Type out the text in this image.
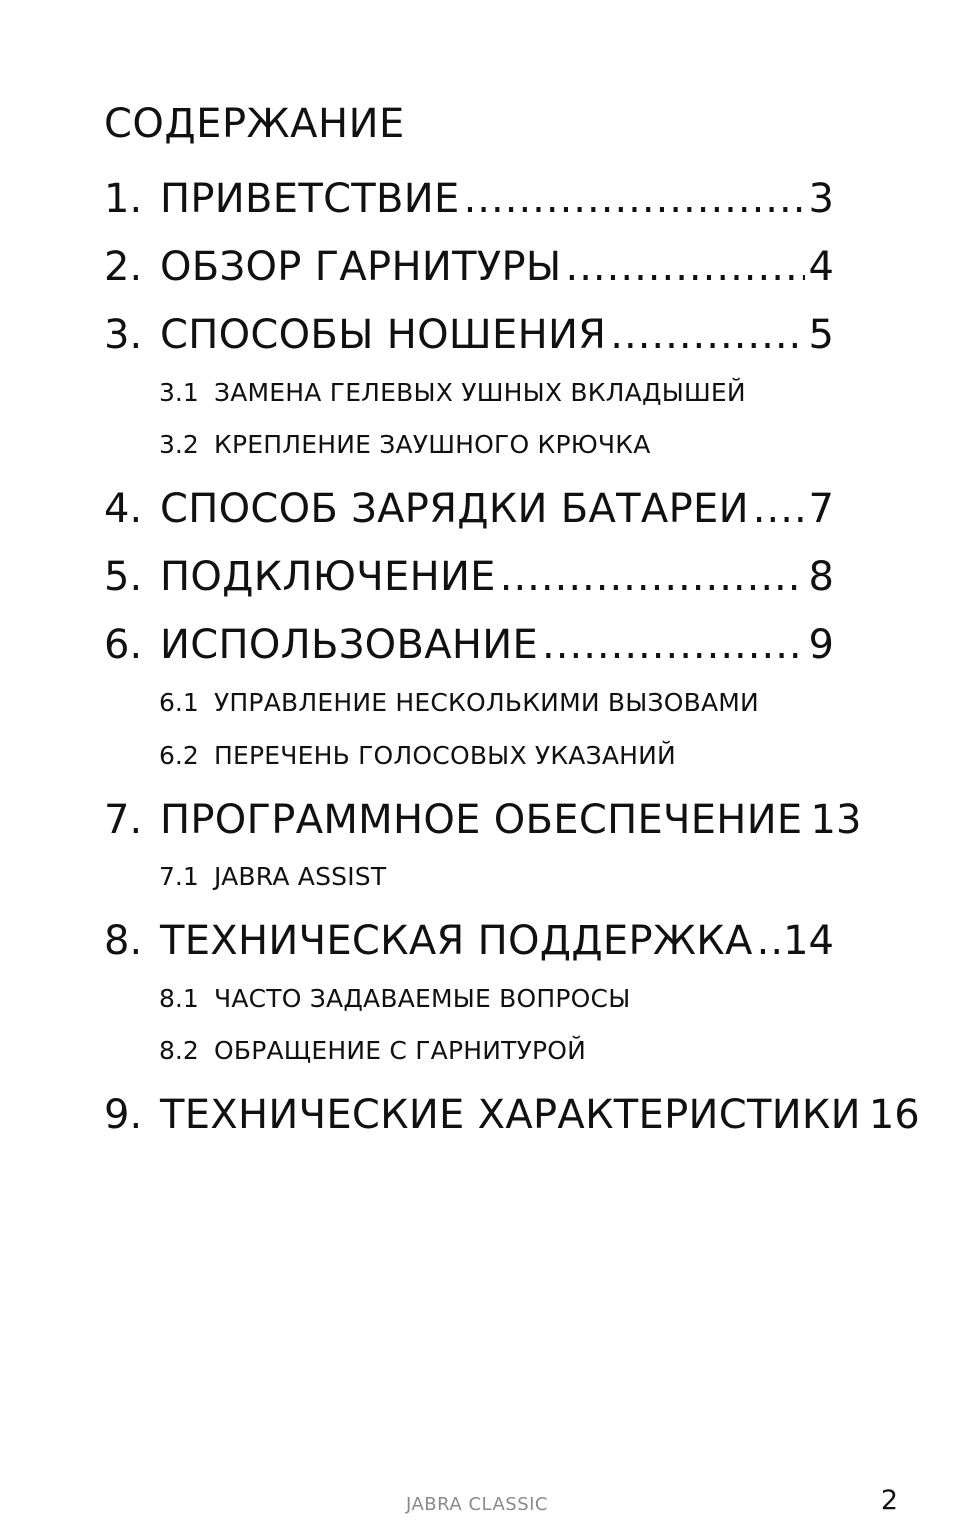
СОДЕРЖАНИЕ
1. ПРИВЕТСТВИЕ .....	3
2. ОБЗОР ГАРНИТУРЫ .....	4
3. СПОСОБЫ НОШЕНИЯ .....	5
3.1 ЗАМЕНА ГЕЛЕВЫХ УШНЫХ ВКЛАДЫШЕЙ
3.2 КРЕПЛЕНИЕ ЗАУШНОГО КРЮЧКА
4. СПОСОБ ЗАРЯДКИ БАТАРЕИ ..... 7
5. ПОДКЛЮЧЕНИЕ .....	8
6. ИСПОЛЬЗОВАНИЕ .....	9
6.1 УПРАВЛЕНИЕ НЕСКОЛЬКИМИ ВЫЗОВАМИ
6.2 ПЕРЕЧЕНЬ ГОЛОСОВЫХ УКАЗАНИЙ
7. ПРОГРАММНОЕ ОБЕСПЕЧЕНИЕ 13
7.1 JABRA ASSIST
8. ТЕХНИЧЕСКАЯ ПОДДЕРЖКА ..... 14
8.1 ЧАСТО ЗАДАВАЕМЫЕ ВОПРОСЫ
8.2 ОБРАЩЕНИЕ С ГАРНИТУРОЙ
9. ТЕХНИЧЕСКИЕ ХАРАКТЕРИСТИКИ 16
JABRA CLASSIC	2
